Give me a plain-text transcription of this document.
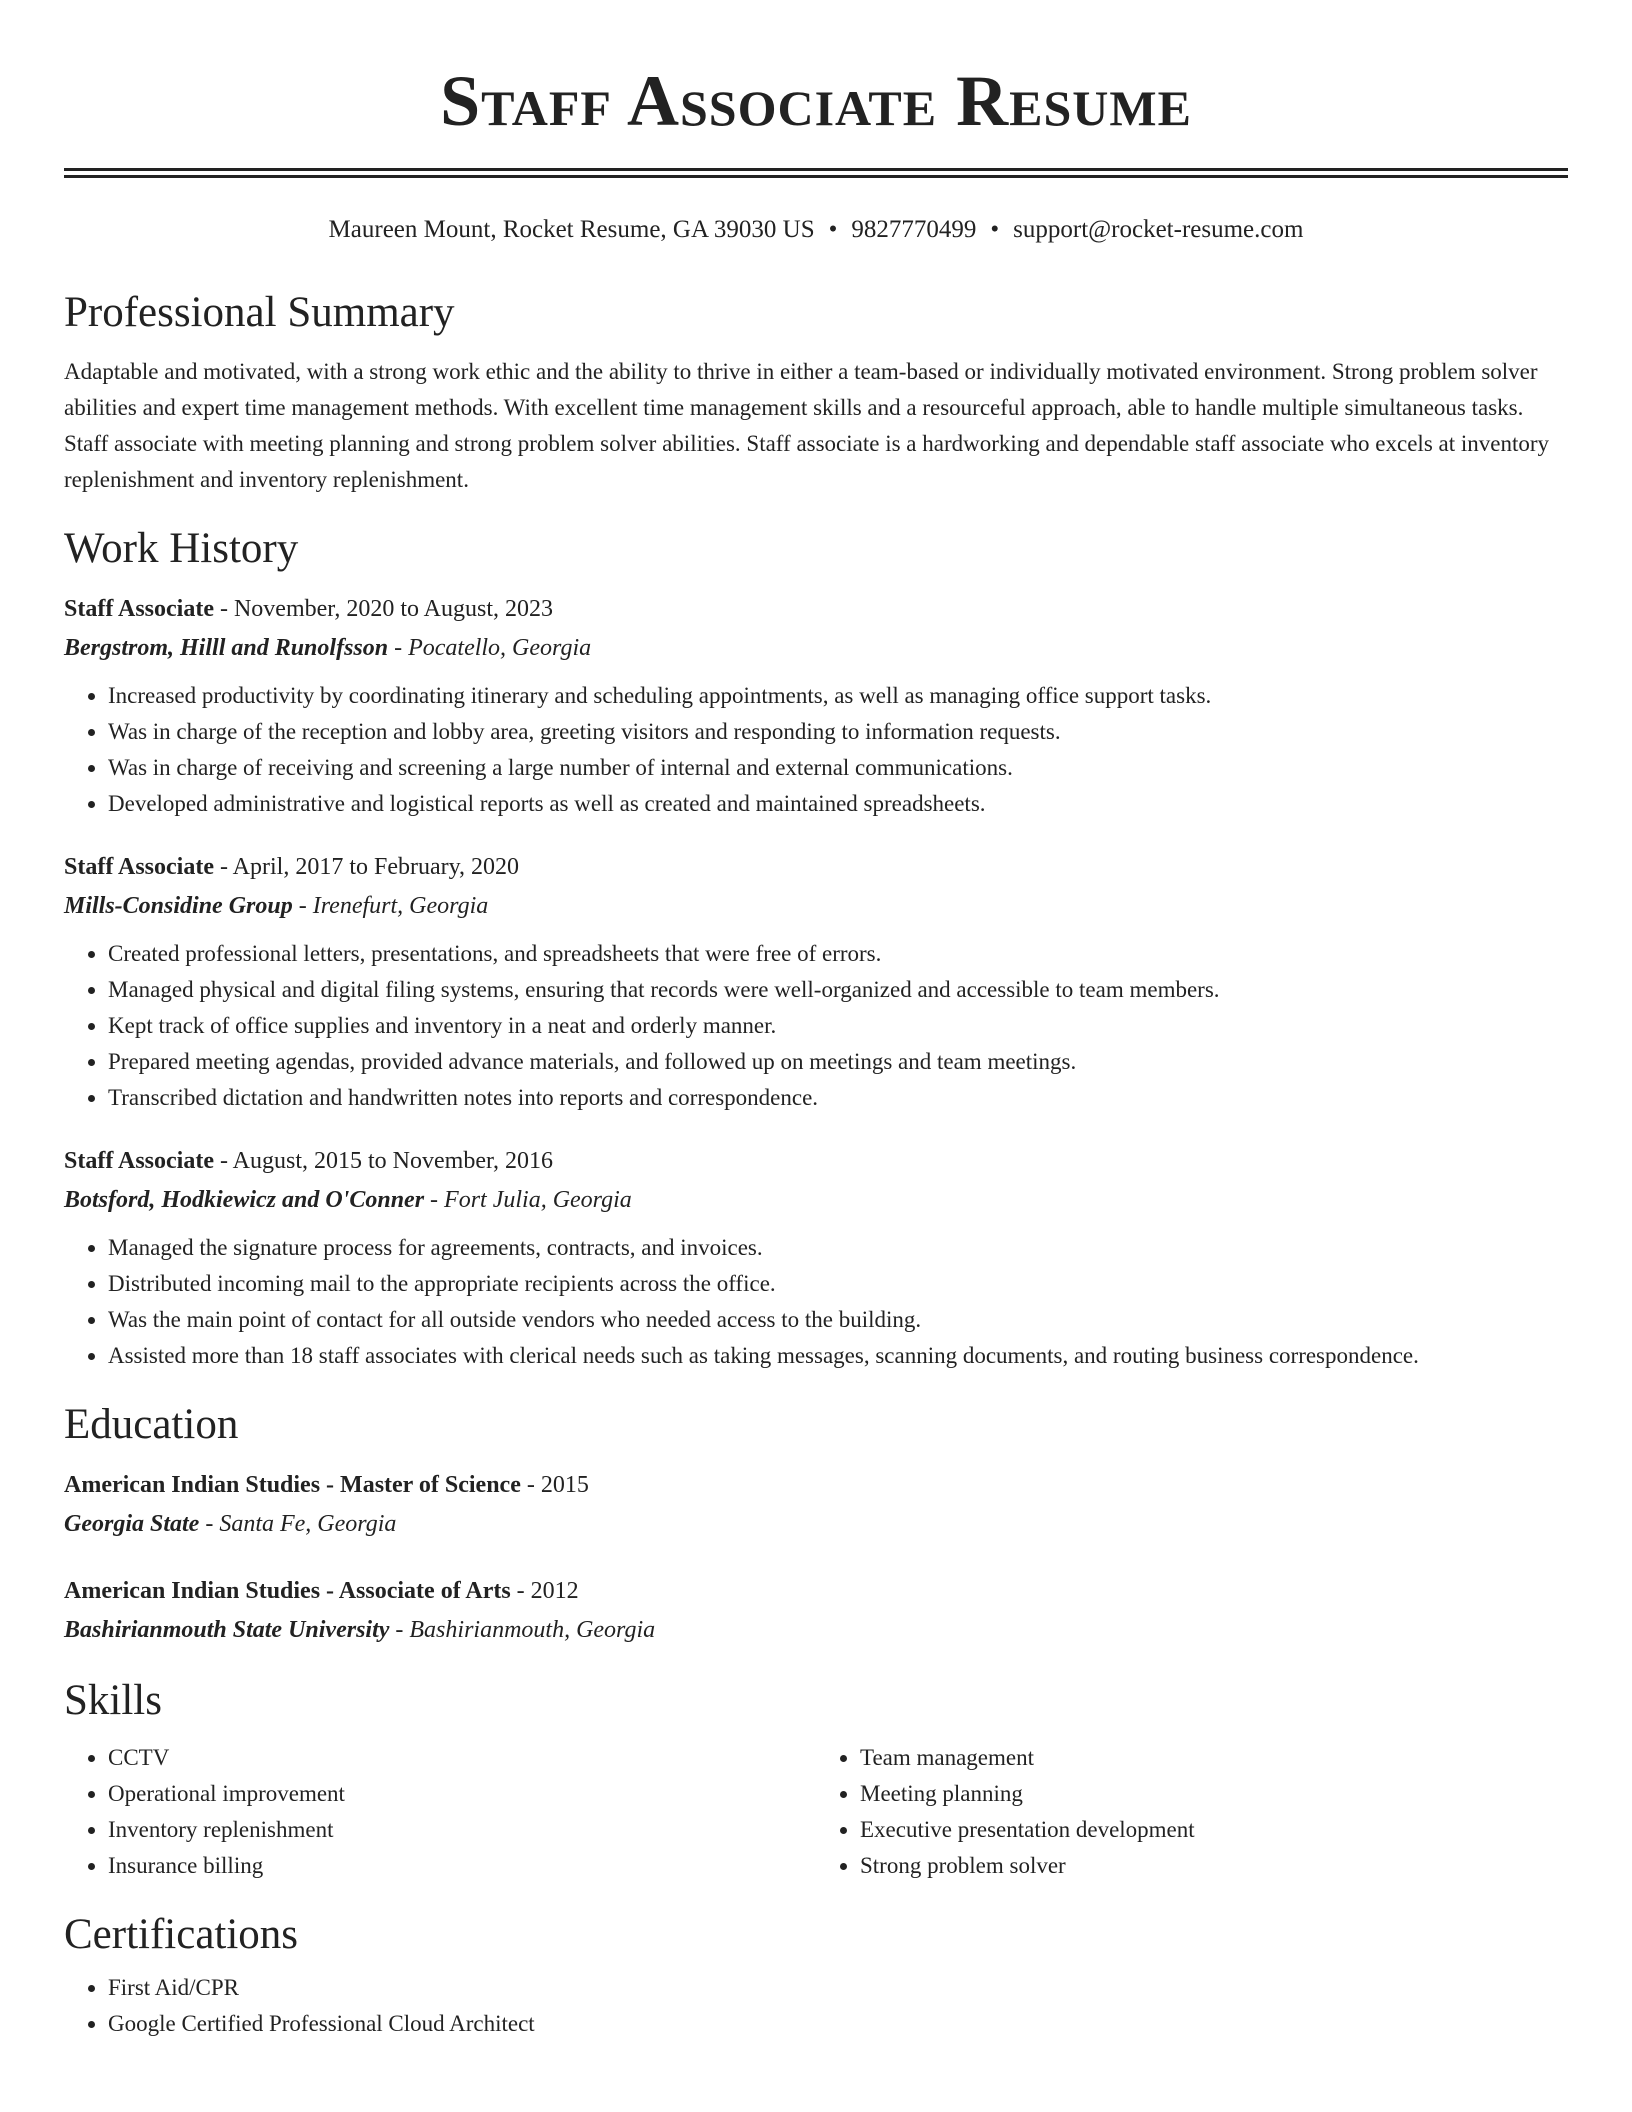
Staff Associate Resume
Maureen Mount, Rocket Resume, GA 39030 US • 9827770499 • support@rocket-resume.com
Professional Summary
Adaptable and motivated, with a strong work ethic and the ability to thrive in either a team-based or individually motivated environment. Strong problem solver abilities and expert time management methods. With excellent time management skills and a resourceful approach, able to handle multiple simultaneous tasks. Staff associate with meeting planning and strong problem solver abilities. Staff associate is a hardworking and dependable staff associate who excels at inventory replenishment and inventory replenishment.
Work History
Staff Associate - November, 2020 to August, 2023
Bergstrom, Hilll and Runolfsson - Pocatello, Georgia
• Increased productivity by coordinating itinerary and scheduling appointments, as well as managing office support tasks.
• Was in charge of the reception and lobby area, greeting visitors and responding to information requests.
• Was in charge of receiving and screening a large number of internal and external communications.
• Developed administrative and logistical reports as well as created and maintained spreadsheets.
Staff Associate - April, 2017 to February, 2020
Mills-Considine Group - Irenefurt, Georgia
• Created professional letters, presentations, and spreadsheets that were free of errors.
• Managed physical and digital filing systems, ensuring that records were well-organized and accessible to team members.
• Kept track of office supplies and inventory in a neat and orderly manner.
• Prepared meeting agendas, provided advance materials, and followed up on meetings and team meetings.
• Transcribed dictation and handwritten notes into reports and correspondence.
Staff Associate - August, 2015 to November, 2016
Botsford, Hodkiewicz and O'Conner - Fort Julia, Georgia
• Managed the signature process for agreements, contracts, and invoices.
• Distributed incoming mail to the appropriate recipients across the office.
• Was the main point of contact for all outside vendors who needed access to the building.
• Assisted more than 18 staff associates with clerical needs such as taking messages, scanning documents, and routing business correspondence.
Education
American Indian Studies - Master of Science - 2015
Georgia State - Santa Fe, Georgia
American Indian Studies - Associate of Arts - 2012
Bashirianmouth State University - Bashirianmouth, Georgia
Skills
• CCTV
• Operational improvement
• Inventory replenishment
• Insurance billing
• Team management
• Meeting planning
• Executive presentation development
• Strong problem solver
Certifications
• First Aid/CPR
• Google Certified Professional Cloud Architect
